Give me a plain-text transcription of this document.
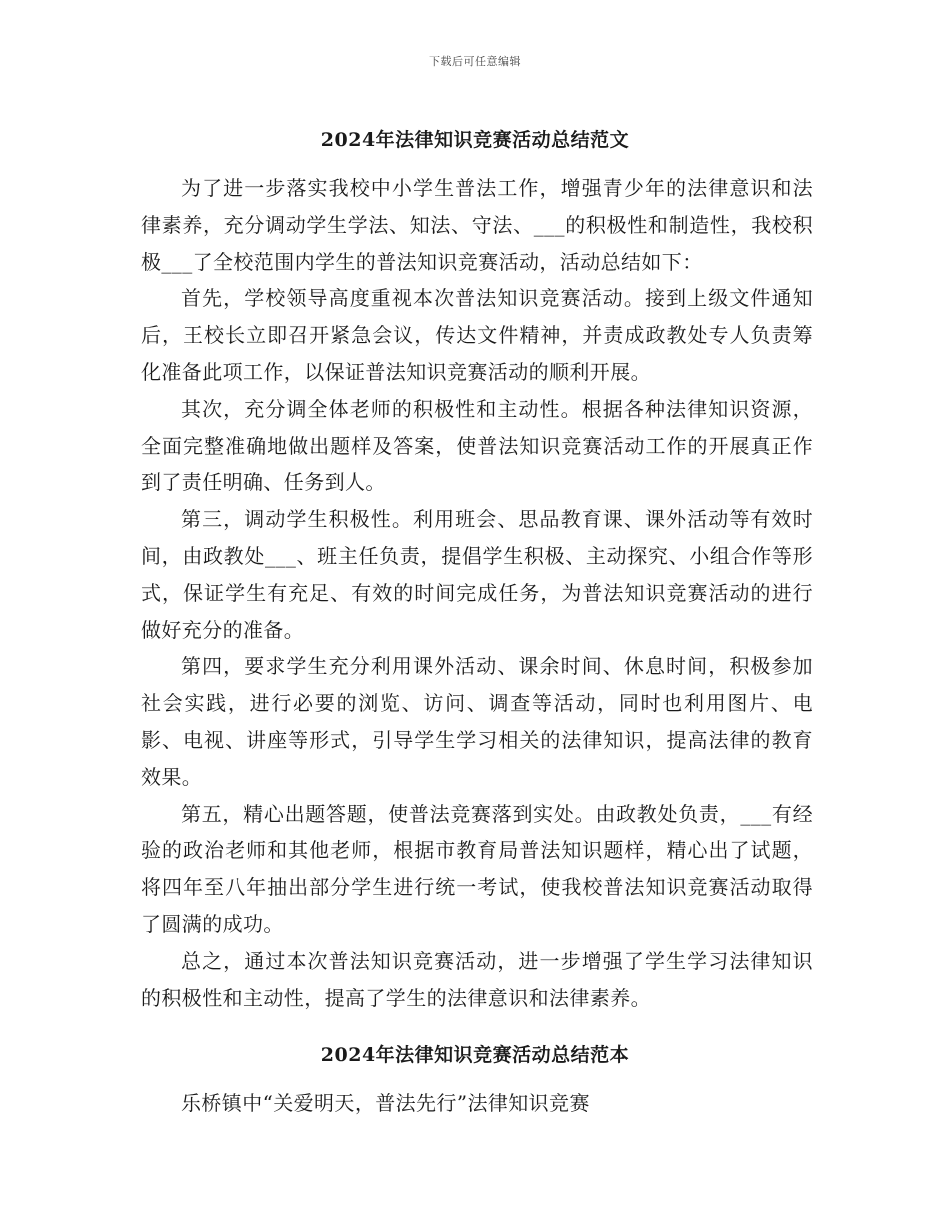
下载后可任意编辑
2024年法律知识竞赛活动总结范文

为了进一步落实我校中小学生普法工作，增强青少年的法律意识和法律素养，充分调动学生学法、知法、守法、___的积极性和制造性，我校积极___了全校范围内学生的普法知识竞赛活动，活动总结如下：

首先，学校领导高度重视本次普法知识竞赛活动。接到上级文件通知后，王校长立即召开紧急会议，传达文件精神，并责成政教处专人负责筹化准备此项工作，以保证普法知识竞赛活动的顺利开展。

其次，充分调全体老师的积极性和主动性。根据各种法律知识资源，全面完整准确地做出题样及答案，使普法知识竞赛活动工作的开展真正作到了责任明确、任务到人。

第三，调动学生积极性。利用班会、思品教育课、课外活动等有效时间，由政教处___、班主任负责，提倡学生积极、主动探究、小组合作等形式，保证学生有充足、有效的时间完成任务，为普法知识竞赛活动的进行做好充分的准备。

第四，要求学生充分利用课外活动、课余时间、休息时间，积极参加社会实践，进行必要的浏览、访问、调查等活动，同时也利用图片、电影、电视、讲座等形式，引导学生学习相关的法律知识，提高法律的教育效果。

第五，精心出题答题，使普法竞赛落到实处。由政教处负责，___有经验的政治老师和其他老师，根据市教育局普法知识题样，精心出了试题，将四年至八年抽出部分学生进行统一考试，使我校普法知识竞赛活动取得了圆满的成功。

总之，通过本次普法知识竞赛活动，进一步增强了学生学习法律知识的积极性和主动性，提高了学生的法律意识和法律素养。

2024年法律知识竞赛活动总结范本

乐桥镇中“关爱明天，普法先行”法律知识竞赛
